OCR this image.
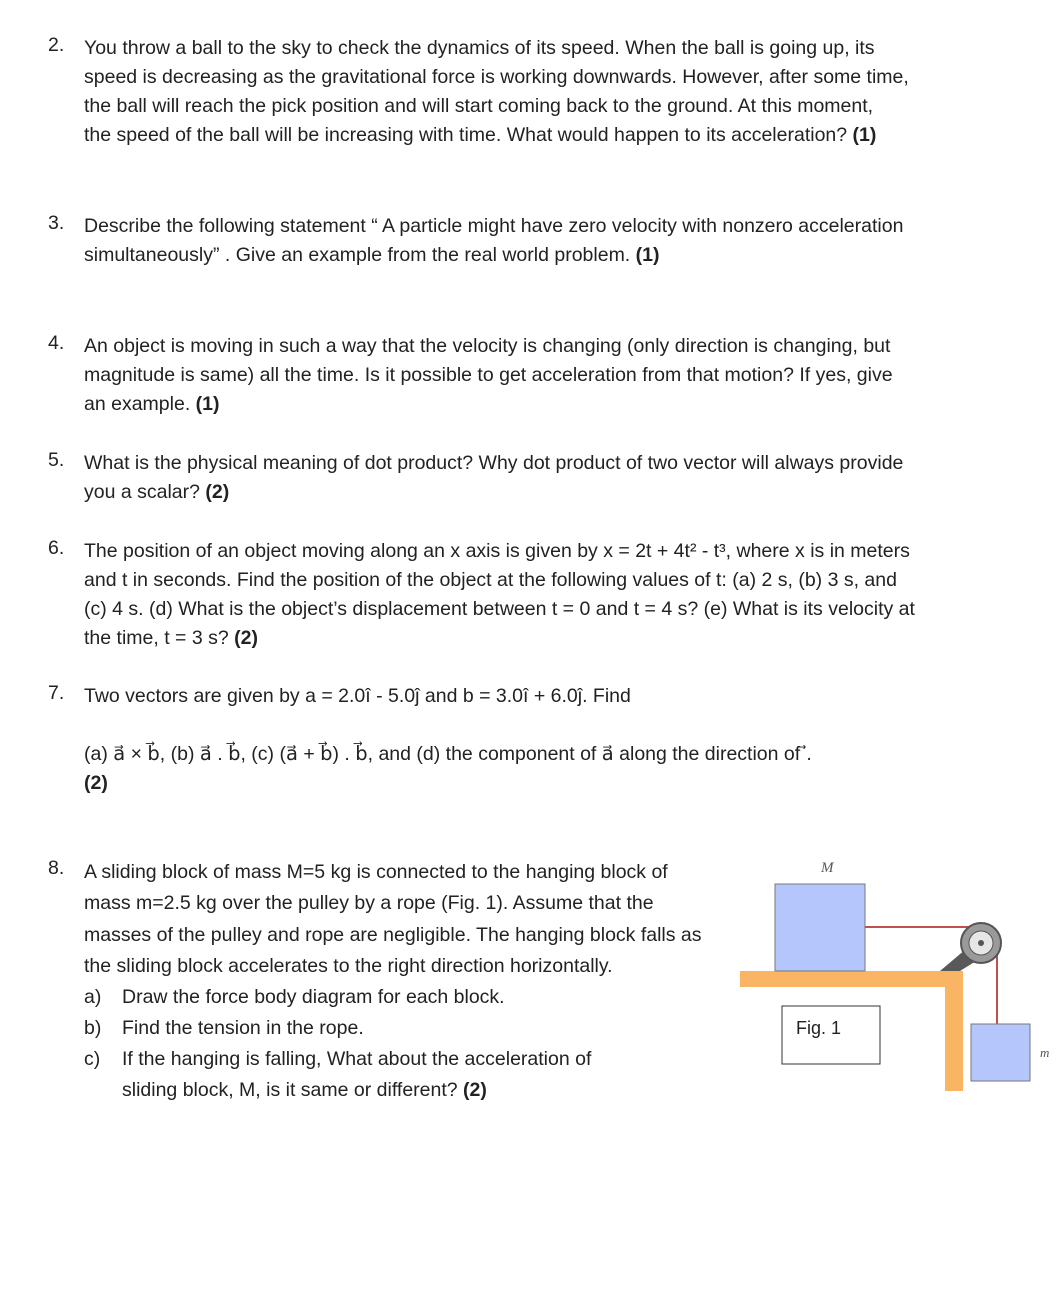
2. You throw a ball to the sky to check the dynamics of its speed. When the ball is going up, its
speed is decreasing as the gravitational force is working downwards. However, after some time,
the ball will reach the pick position and will start coming back to the ground. At this moment,
the speed of the ball will be increasing with time. What would happen to its acceleration? (1)
3. Describe the following statement “ A particle might have zero velocity with nonzero acceleration
simultaneously” . Give an example from the real world problem. (1)
4. An object is moving in such a way that the velocity is changing (only direction is changing, but
magnitude is same) all the time. Is it possible to get acceleration from that motion? If yes, give
an example. (1)
5. What is the physical meaning of dot product? Why dot product of two vector will always provide
you a scalar? (2)
6. The position of an object moving along an x axis is given by x = 2t + 4t² - t³, where x is in meters
and t in seconds. Find the position of the object at the following values of t: (a) 2 s, (b) 3 s, and
(c) 4 s. (d) What is the object’s displacement between t = 0 and t = 4 s? (e) What is its velocity at
the time, t = 3 s? (2)
7. Two vectors are given by a = 2.0î - 5.0ĵ and b = 3.0î + 6.0ĵ. Find
(a) a⃗ × b⃗, (b) a⃗ . b⃗, (c) (a⃗ + b⃗) . b⃗, and (d) the component of a⃗ along the direction of ⃗.
(2)
8. A sliding block of mass M=5 kg is connected to the hanging block of
mass m=2.5 kg over the pulley by a rope (Fig. 1). Assume that the
masses of the pulley and rope are negligible. The hanging block falls as
the sliding block accelerates to the right direction horizontally.
a) Draw the force body diagram for each block.
b) Find the tension in the rope.
c) If the hanging is falling, What about the acceleration of
sliding block, M, is it same or different? (2)
M
m
Fig. 1
